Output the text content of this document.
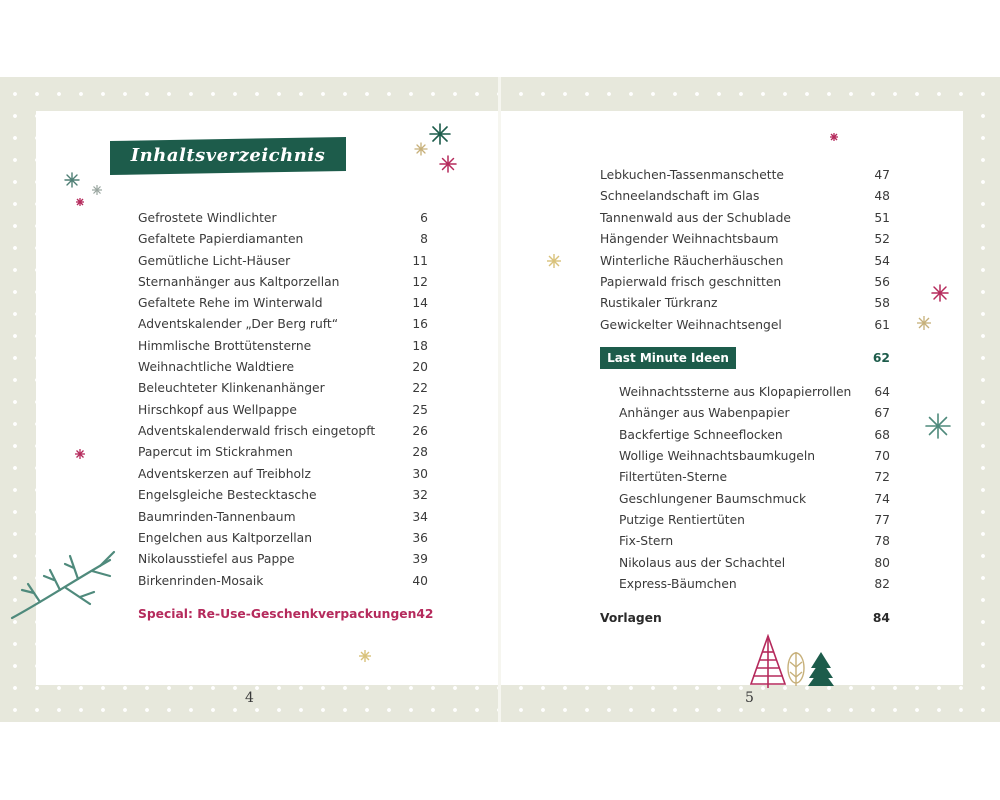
Inhaltsverzeichnis
Gefrostete Windlichter	6
Gefaltete Papierdiamanten	8
Gemütliche Licht-Häuser	11
Sternanhänger aus Kaltporzellan	12
Gefaltete Rehe im Winterwald	14
Adventskalender „Der Berg ruft“	16
Himmlische Brottütensterne	18
Weihnachtliche Waldtiere	20
Beleuchteter Klinkenanhänger	22
Hirschkopf aus Wellpappe	25
Adventskalenderwald frisch eingetopft	26
Papercut im Stickrahmen	28
Adventskerzen auf Treibholz	30
Engelsgleiche Bestecktasche	32
Baumrinden-Tannenbaum	34
Engelchen aus Kaltporzellan	36
Nikolausstiefel aus Pappe	39
Birkenrinden-Mosaik	40
Special: Re-Use-Geschenkverpackungen 42
4
Lebkuchen-Tassenmanschette	47
Schneelandschaft im Glas	48
Tannenwald aus der Schublade	51
Hängender Weihnachtsbaum	52
Winterliche Räucherhäuschen	54
Papierwald frisch geschnitten	56
Rustikaler Türkranz	58
Gewickelter Weihnachtsengel	61
Last Minute Ideen	62
Weihnachtssterne aus Klopapierrollen 64
Anhänger aus Wabenpapier	67
Backfertige Schneeflocken	68
Wollige Weihnachtsbaumkugeln	70
Filtertüten-Sterne	72
Geschlungener Baumschmuck	74
Putzige Rentiertüten	77
Fix-Stern	78
Nikolaus aus der Schachtel	80
Express-Bäumchen	82
Vorlagen	84
5
